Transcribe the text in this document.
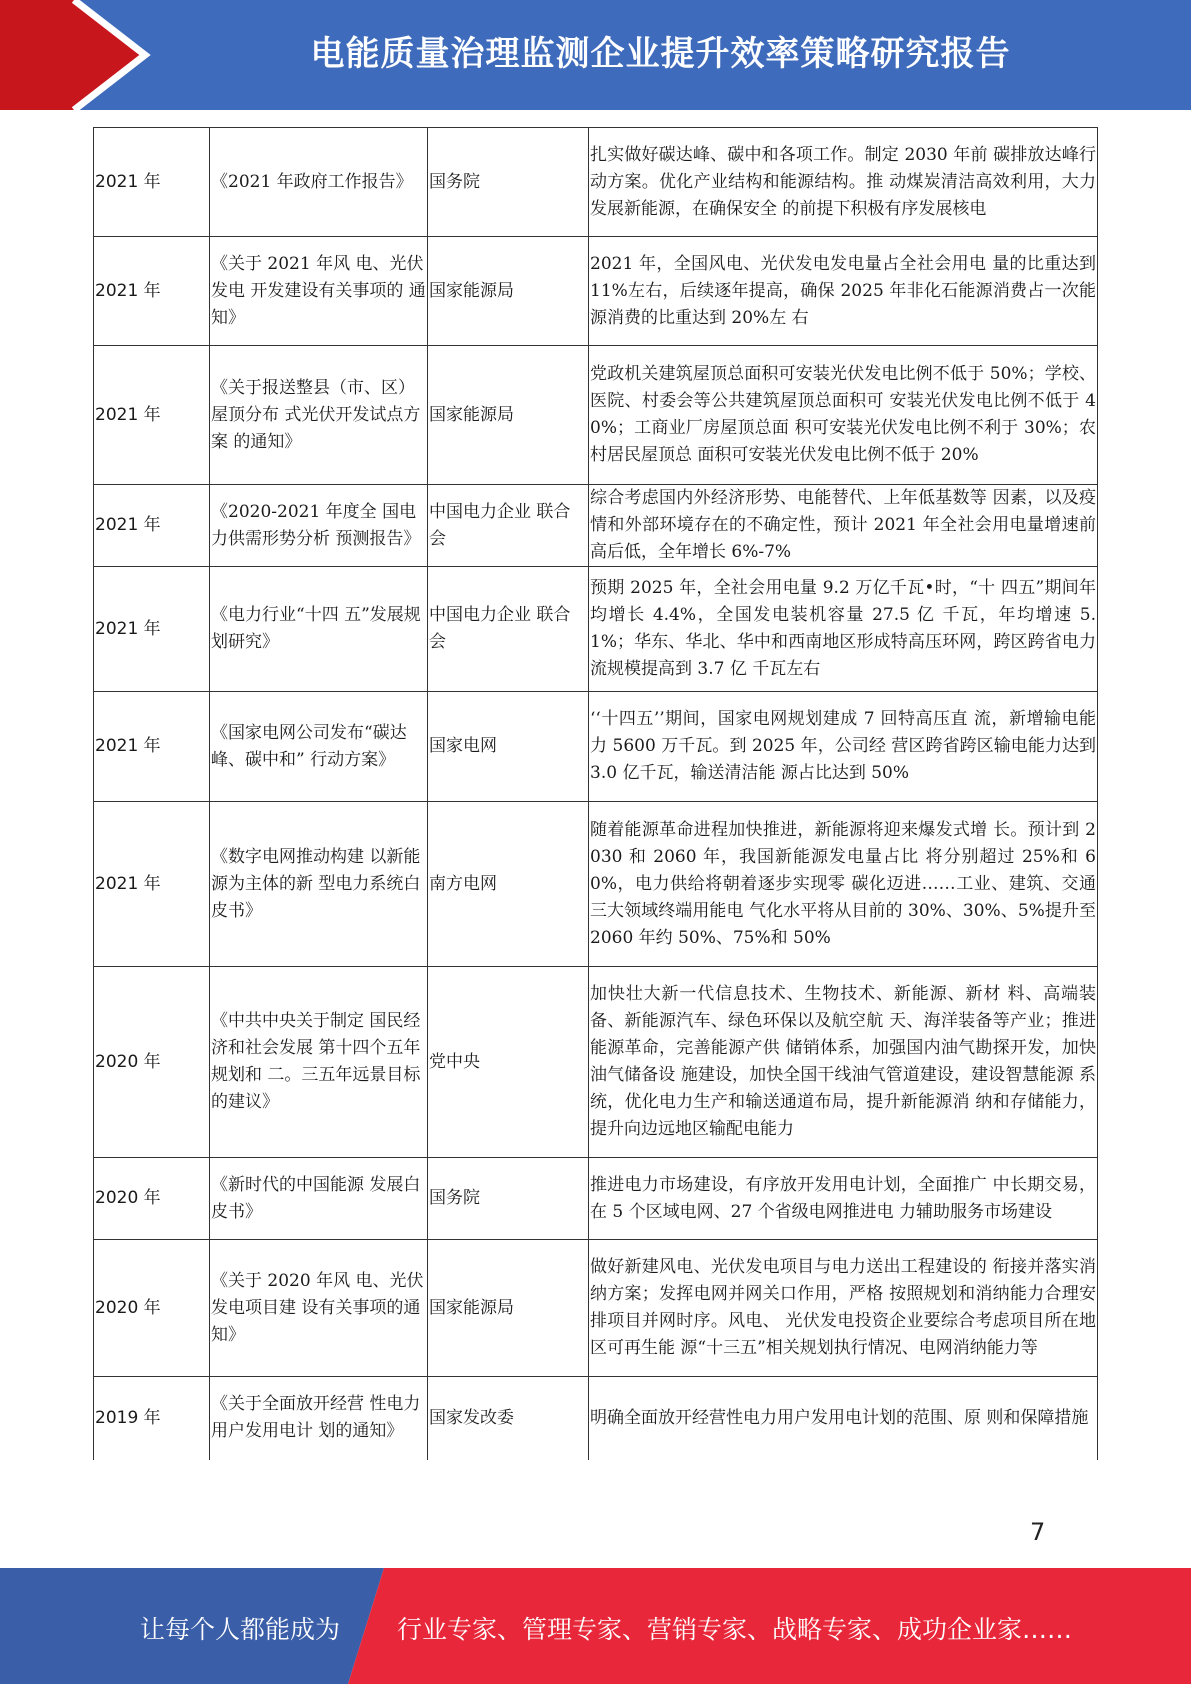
电能质量治理监测企业提升效率策略研究报告
2021 年	《2021 年政府工作报告》	国务院	扎实做好碳达峰、碳中和各项工作。制定 2030 年前 碳排放达峰行动方案。优化产业结构和能源结构。推 动煤炭清洁高效利用，大力发展新能源，在确保安全 的前提下积极有序发展核电
2021 年	《关于 2021 年风 电、光伏发电 开发建设有关事项的 通知》	国家能源局	2021 年，全国风电、光伏发电发电量占全社会用电 量的比重达到 11%左右，后续逐年提高，确保 2025 年非化石能源消费占一次能源消费的比重达到 20%左 右
2021 年	《关于报送整县（市、区）屋顶分布 式光伏开发试点方案 的通知》	国家能源局	党政机关建筑屋顶总面积可安装光伏发电比例不低于 50%；学校、医院、村委会等公共建筑屋顶总面积可 安装光伏发电比例不低于 40%；工商业厂房屋顶总面 积可安装光伏发电比例不利于 30%；农村居民屋顶总 面积可安装光伏发电比例不低于 20%
2021 年	《2020-2021 年度全 国电力供需形势分析 预测报告》	中国电力企业 联合会	综合考虑国内外经济形势、电能替代、上年低基数等 因素，以及疫情和外部环境存在的不确定性，预计 2021 年全社会用电量增速前高后低，全年增长 6%-7%
2021 年	《电力行业“十四 五”发展规划研究》	中国电力企业 联合会	预期 2025 年，全社会用电量 9.2 万亿千瓦•时，“十 四五”期间年均增长 4.4%，全国发电装机容量 27.5 亿 千瓦，年均增速 5.1%；华东、华北、华中和西南地区形成特高压环网，跨区跨省电力流规模提高到 3.7 亿 千瓦左右
2021 年	《国家电网公司发布“碳达峰、碳中和” 行动方案》	国家电网	‘‘十四五’’期间，国家电网规划建成 7 回特高压直 流，新增输电能力 5600 万千瓦。到 2025 年，公司经 营区跨省跨区输电能力达到 3.0 亿千瓦，输送清洁能 源占比达到 50%
2021 年	《数字电网推动构建 以新能源为主体的新 型电力系统白皮书》	南方电网	随着能源革命进程加快推进，新能源将迎来爆发式增 长。预计到 2030 和 2060 年，我国新能源发电量占比 将分别超过 25%和 60%，电力供给将朝着逐步实现零 碳化迈进……工业、建筑、交通三大领域终端用能电 气化水平将从目前的 30%、30%、5%提升至 2060 年约 50%、75%和 50%
2020 年	《中共中央关于制定 国民经济和社会发展 第十四个五年规划和 二。三五年远景目标 的建议》	党中央	加快壮大新一代信息技术、生物技术、新能源、新材 料、高端装备、新能源汽车、绿色环保以及航空航 天、海洋装备等产业；推进能源革命，完善能源产供 储销体系，加强国内油气勘探开发，加快油气储备设 施建设，加快全国干线油气管道建设，建设智慧能源 系统，优化电力生产和输送通道布局，提升新能源消 纳和存储能力，提升向边远地区输配电能力
2020 年	《新时代的中国能源 发展白皮书》	国务院	推进电力市场建设，有序放开发用电计划，全面推广 中长期交易，在 5 个区域电网、27 个省级电网推进电 力辅助服务市场建设
2020 年	《关于 2020 年风 电、光伏发电项目建 设有关事项的通知》	国家能源局	做好新建风电、光伏发电项目与电力送出工程建设的 衔接并落实消纳方案；发挥电网并网关口作用，严格 按照规划和消纳能力合理安排项目并网时序。风电、 光伏发电投资企业要综合考虑项目所在地区可再生能 源“十三五”相关规划执行情况、电网消纳能力等
2019 年	《关于全面放开经营 性电力用户发用电计 划的通知》	国家发改委	明确全面放开经营性电力用户发用电计划的范围、原 则和保障措施
7
让每个人都能成为 行业专家、管理专家、营销专家、战略专家、成功企业家……
